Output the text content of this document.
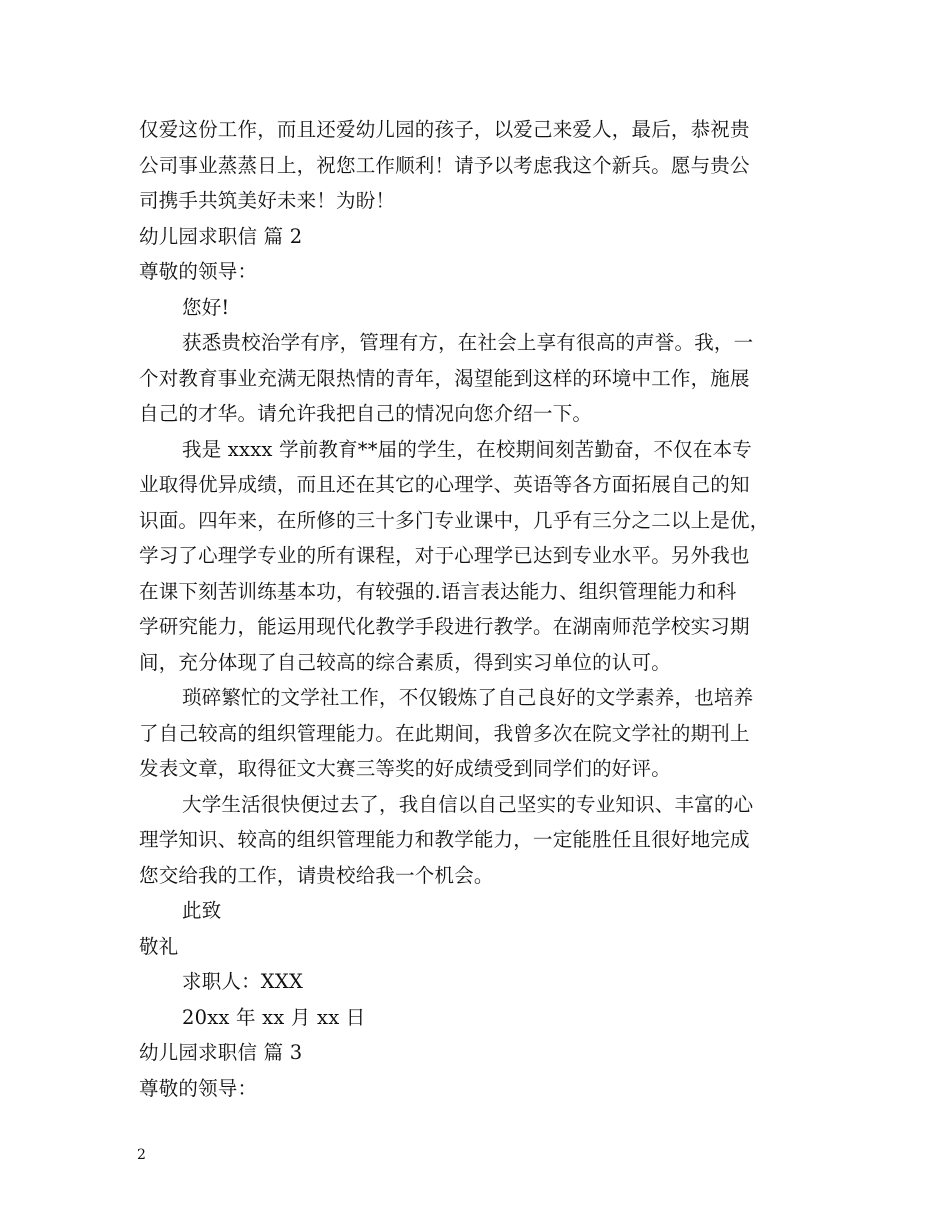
仅爱这份工作，而且还爱幼儿园的孩子，以爱己来爱人，最后，恭祝贵
公司事业蒸蒸日上，祝您工作顺利！请予以考虑我这个新兵。愿与贵公
司携手共筑美好未来！为盼！
幼儿园求职信 篇 2
尊敬的领导：
您好!
获悉贵校治学有序，管理有方，在社会上享有很高的声誉。我，一
个对教育事业充满无限热情的青年，渴望能到这样的环境中工作，施展
自己的才华。请允许我把自己的情况向您介绍一下。
我是 xxxx 学前教育**届的学生，在校期间刻苦勤奋，不仅在本专
业取得优异成绩，而且还在其它的心理学、英语等各方面拓展自己的知
识面。四年来，在所修的三十多门专业课中，几乎有三分之二以上是优，
学习了心理学专业的所有课程，对于心理学已达到专业水平。另外我也
在课下刻苦训练基本功，有较强的.语言表达能力、组织管理能力和科
学研究能力，能运用现代化教学手段进行教学。在湖南师范学校实习期
间，充分体现了自己较高的综合素质，得到实习单位的认可。
琐碎繁忙的文学社工作，不仅锻炼了自己良好的文学素养，也培养
了自己较高的组织管理能力。在此期间，我曾多次在院文学社的期刊上
发表文章，取得征文大赛三等奖的好成绩受到同学们的好评。
大学生活很快便过去了，我自信以自己坚实的专业知识、丰富的心
理学知识、较高的组织管理能力和教学能力，一定能胜任且很好地完成
您交给我的工作，请贵校给我一个机会。
此致
敬礼
求职人：XXX
20xx 年 xx 月 xx 日
幼儿园求职信 篇 3
尊敬的领导：
2
